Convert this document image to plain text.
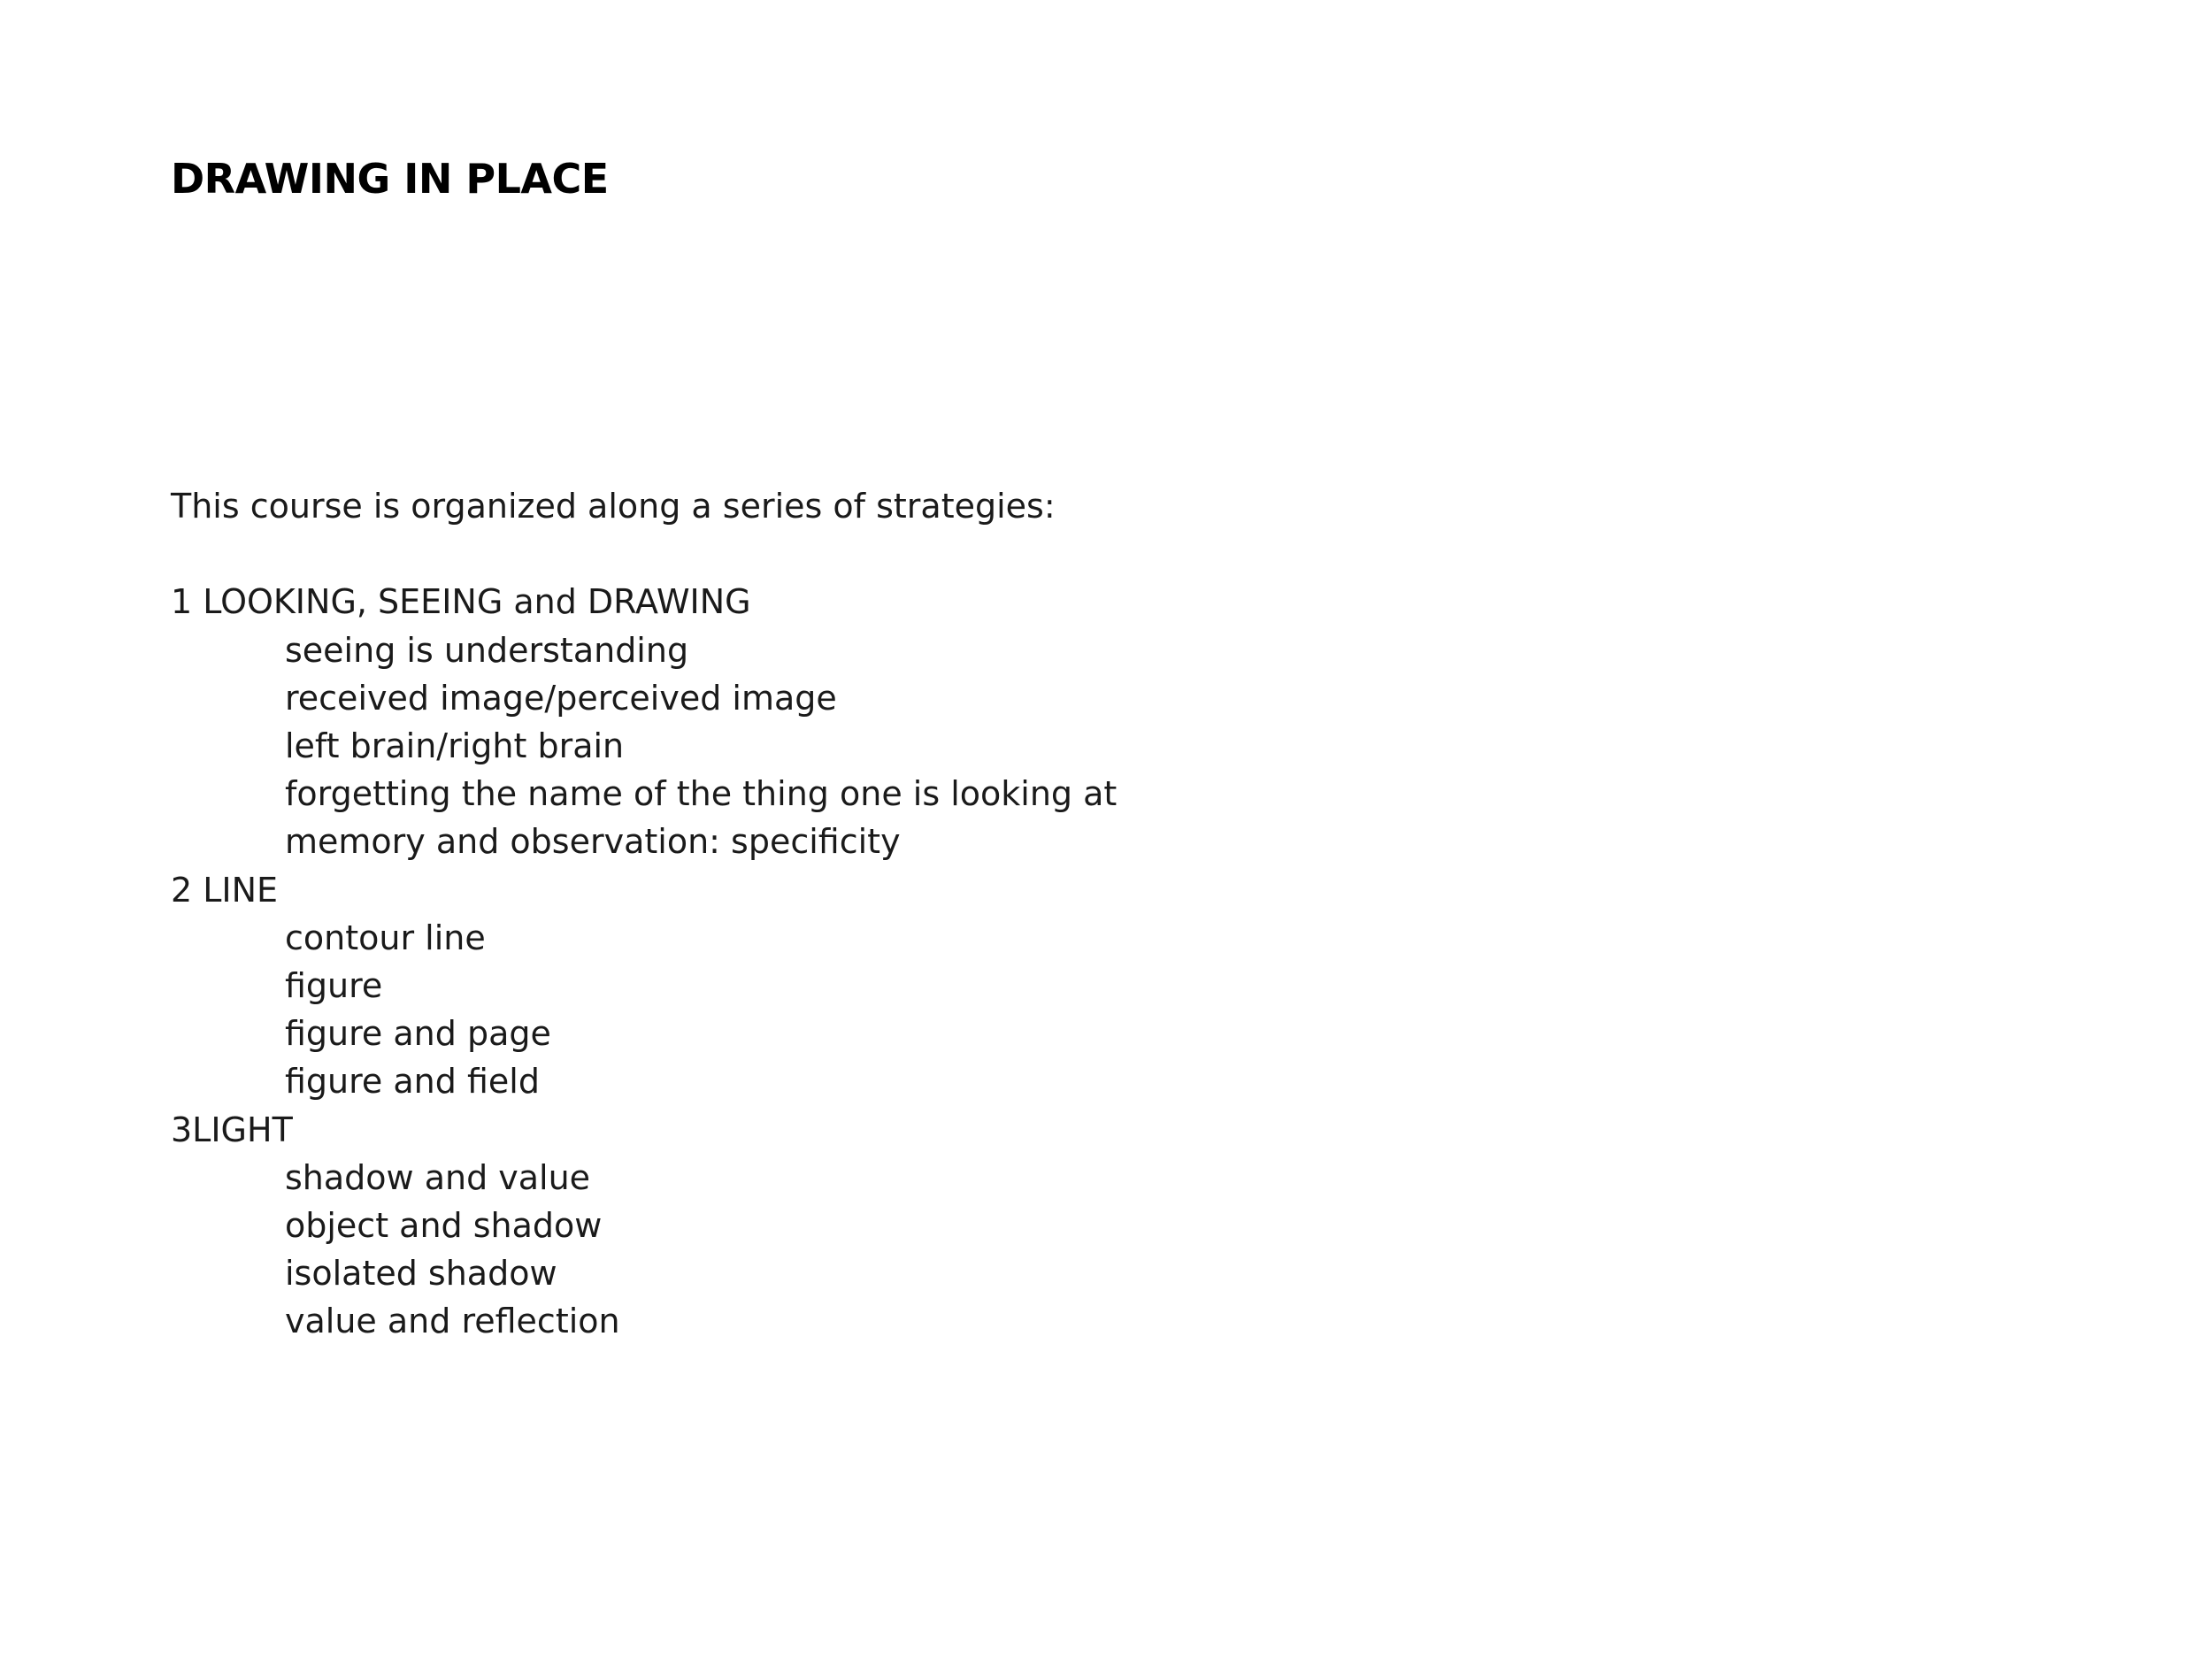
DRAWING IN PLACE

This course is organized along a series of strategies:

1 LOOKING, SEEING and DRAWING
seeing is understanding
received image/perceived image
left brain/right brain
forgetting the name of the thing one is looking at
memory and observation: specificity
2 LINE
contour line
figure
figure and page
figure and field
3LIGHT
shadow and value
object and shadow
isolated shadow
value and reflection
